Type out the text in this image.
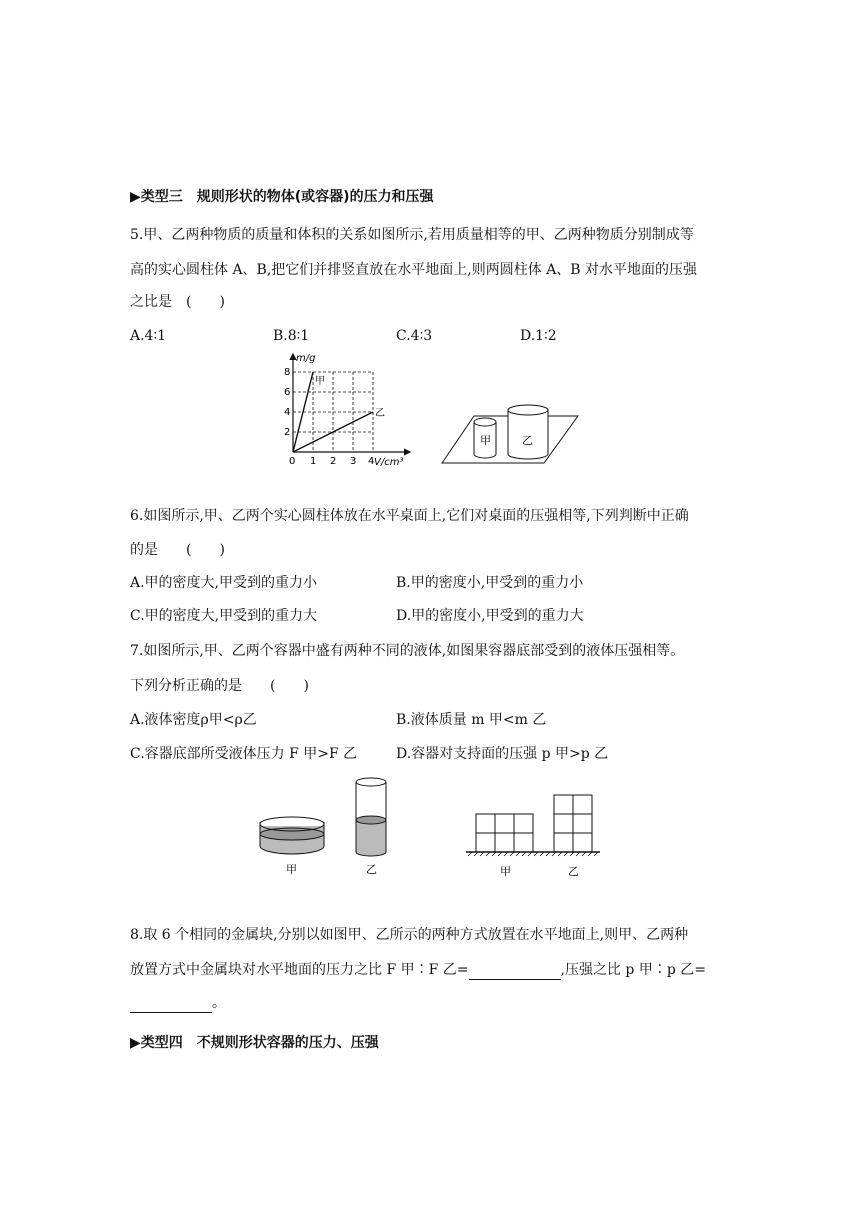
▶类型三　规则形状的物体(或容器)的压力和压强
5.甲、乙两种物质的质量和体积的关系如图所示,若用质量相等的甲、乙两种物质分别制成等
高的实心圆柱体 A、B,把它们并排竖直放在水平地面上,则两圆柱体 A、B 对水平地面的压强
之比是　(　　)
A.4∶1	B.8∶1	C.4∶3	D.1∶2
m/g
V/cm³
8
6
4
2
0 1 2 3 4
甲
乙
甲	乙
6.如图所示,甲、乙两个实心圆柱体放在水平桌面上,它们对桌面的压强相等,下列判断中正确
的是　　(　　)
A.甲的密度大,甲受到的重力小	B.甲的密度小,甲受到的重力小
C.甲的密度大,甲受到的重力大	D.甲的密度小,甲受到的重力大
7.如图所示,甲、乙两个容器中盛有两种不同的液体,如图果容器底部受到的液体压强相等。
下列分析正确的是　　(　　)
A.液体密度ρ甲<ρ乙	B.液体质量 m 甲<m 乙
C.容器底部所受液体压力 F 甲>F 乙	D.容器对支持面的压强 p 甲>p 乙
甲	乙	甲	乙
8.取 6 个相同的金属块,分别以如图甲、乙所示的两种方式放置在水平地面上,则甲、乙两种
放置方式中金属块对水平地面的压力之比 F 甲∶F 乙=	,压强之比 p 甲∶p 乙=
。
▶类型四　不规则形状容器的压力、压强
